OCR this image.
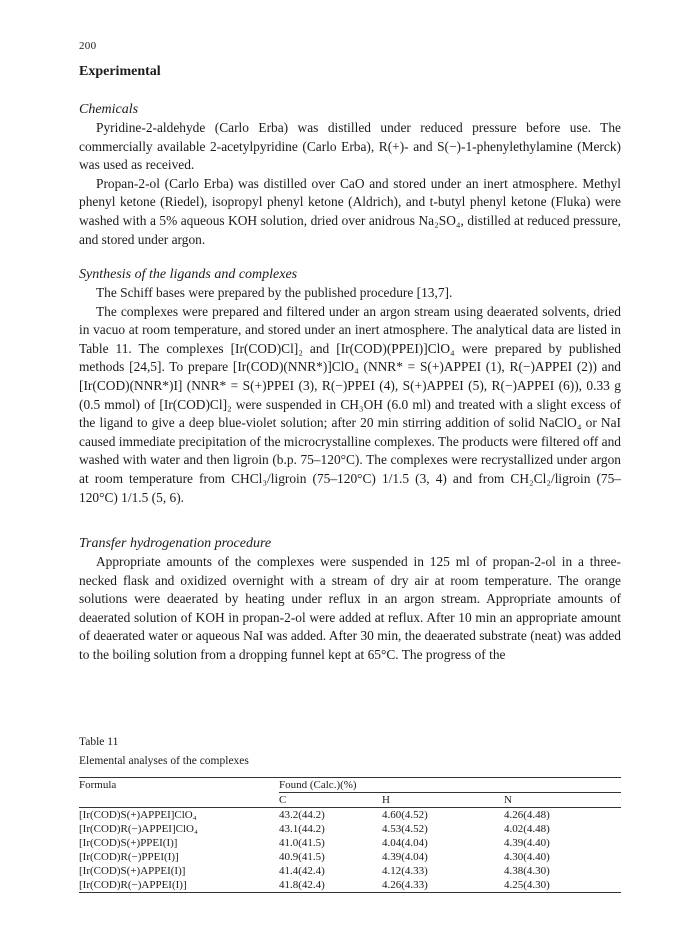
200
Experimental
Chemicals

Pyridine-2-aldehyde (Carlo Erba) was distilled under reduced pressure before use. The commercially available 2-acetylpyridine (Carlo Erba), R(+)- and S(−)-1-phenylethylamine (Merck) was used as received.

Propan-2-ol (Carlo Erba) was distilled over CaO and stored under an inert atmosphere. Methyl phenyl ketone (Riedel), isopropyl phenyl ketone (Aldrich), and t-butyl phenyl ketone (Fluka) were washed with a 5% aqueous KOH solution, dried over anidrous Na₂SO₄, distilled at reduced pressure, and stored under argon.

Synthesis of the ligands and complexes

The Schiff bases were prepared by the published procedure [13,7].

The complexes were prepared and filtered under an argon stream using deaerated solvents, dried in vacuo at room temperature, and stored under an inert atmosphere. The analytical data are listed in Table 11. The complexes [Ir(COD)Cl]₂ and [Ir(COD)(PPEI)]ClO₄ were prepared by published methods [24,5]. To prepare [Ir(COD)(NNR*)]ClO₄ (NNR* = S(+)APPEI (1), R(−)APPEI (2)) and [Ir(COD)(NNR*)I] (NNR* = S(+)PPEI (3), R(−)PPEI (4), S(+)APPEI (5), R(−)APPEI (6)), 0.33 g (0.5 mmol) of [Ir(COD)Cl]₂ were suspended in CH₃OH (6.0 ml) and treated with a slight excess of the ligand to give a deep blue-violet solution; after 20 min stirring addition of solid NaClO₄ or NaI caused immediate precipitation of the microcrystalline complexes. The products were filtered off and washed with water and then ligroin (b.p. 75–120°C). The complexes were recrystallized under argon at room temperature from CHCl₃/ligroin (75–120°C) 1/1.5 (3, 4) and from CH₂Cl₂/ligroin (75–120°C) 1/1.5 (5, 6).

Transfer hydrogenation procedure

Appropriate amounts of the complexes were suspended in 125 ml of propan-2-ol in a three-necked flask and oxidized overnight with a stream of dry air at room temperature. The orange solutions were deaerated by heating under reflux in an argon stream. Appropriate amounts of deaerated solution of KOH in propan-2-ol were added at reflux. After 10 min an appropriate amount of deaerated water or aqueous NaI was added. After 30 min, the deaerated substrate (neat) was added to the boiling solution from a dropping funnel kept at 65°C. The progress of the

Table 11
Elemental analyses of the complexes
Formula	Found (Calc.)(%)		
	C	H	N
[Ir(COD)S(+)APPEI]ClO₄	43.2(44.2)	4.60(4.52)	4.26(4.48)
[Ir(COD)R(−)APPEI]ClO₄	43.1(44.2)	4.53(4.52)	4.02(4.48)
[Ir(COD)S(+)PPEI(I)]	41.0(41.5)	4.04(4.04)	4.39(4.40)
[Ir(COD)R(−)PPEI(I)]	40.9(41.5)	4.39(4.04)	4.30(4.40)
[Ir(COD)S(+)APPEI(I)]	41.4(42.4)	4.12(4.33)	4.38(4.30)
[Ir(COD)R(−)APPEI(I)]	41.8(42.4)	4.26(4.33)	4.25(4.30)
